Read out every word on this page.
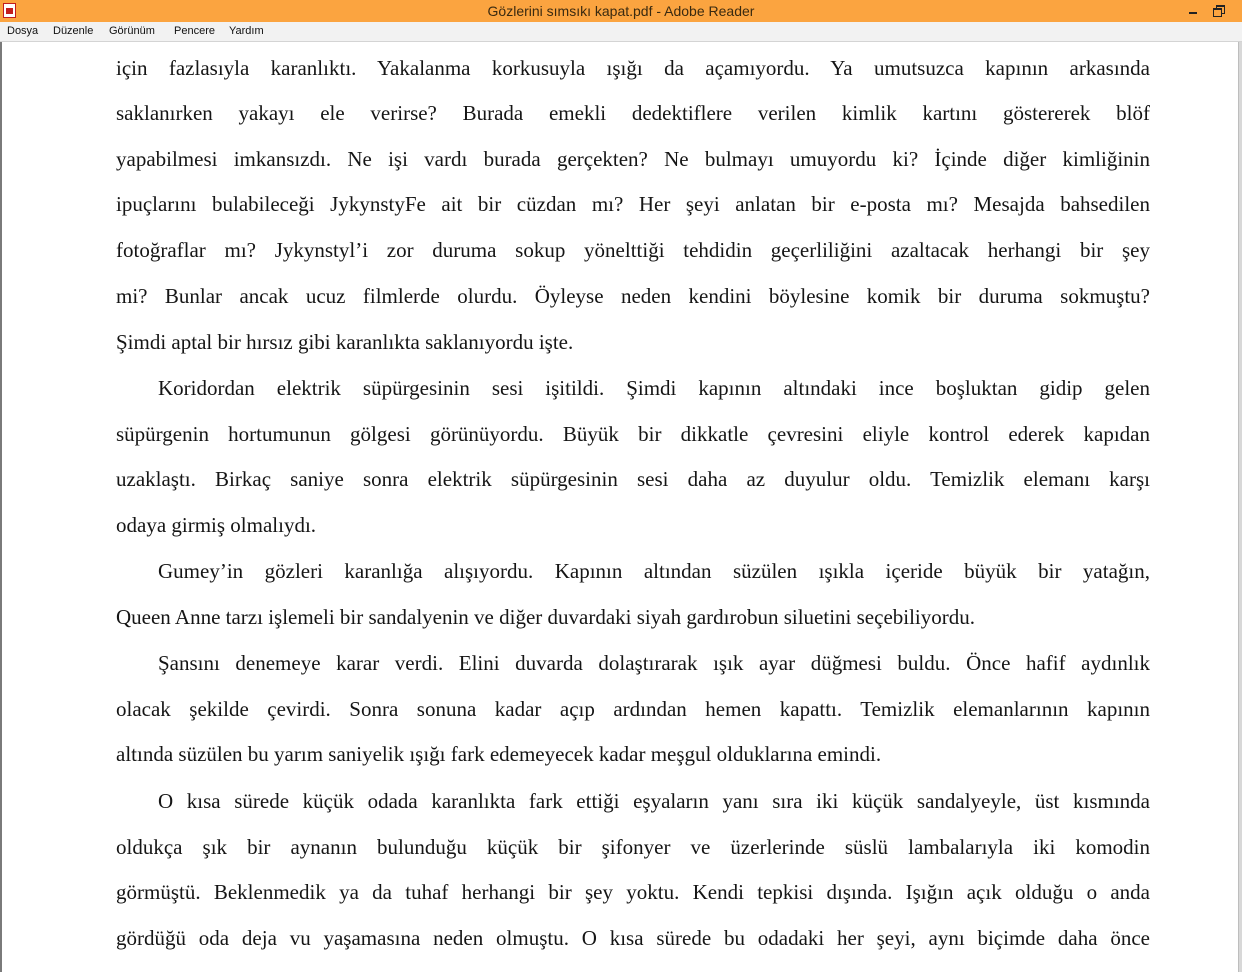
Gözlerini sımsıkı kapat.pdf - Adobe Reader
Dosya Düzenle Görünüm Pencere Yardım
için fazlasıyla karanlıktı. Yakalanma korkusuyla ışığı da açamıyordu. Ya umutsuzca kapının arkasında
saklanırken yakayı ele verirse? Burada emekli dedektiflere verilen kimlik kartını göstererek blöf
yapabilmesi imkansızdı. Ne işi vardı burada gerçekten? Ne bulmayı umuyordu ki? İçinde diğer kimliğinin
ipuçlarını bulabileceği JykynstyFe ait bir cüzdan mı? Her şeyi anlatan bir e-posta mı? Mesajda bahsedilen
fotoğraflar mı? Jykynstyl’i zor duruma sokup yönelttiği tehdidin geçerliliğini azaltacak herhangi bir şey
mi? Bunlar ancak ucuz filmlerde olurdu. Öyleyse neden kendini böylesine komik bir duruma sokmuştu?
Şimdi aptal bir hırsız gibi karanlıkta saklanıyordu işte.
Koridordan elektrik süpürgesinin sesi işitildi. Şimdi kapının altındaki ince boşluktan gidip gelen
süpürgenin hortumunun gölgesi görünüyordu. Büyük bir dikkatle çevresini eliyle kontrol ederek kapıdan
uzaklaştı. Birkaç saniye sonra elektrik süpürgesinin sesi daha az duyulur oldu. Temizlik elemanı karşı
odaya girmiş olmalıydı.
Gumey’in gözleri karanlığa alışıyordu. Kapının altından süzülen ışıkla içeride büyük bir yatağın,
Queen Anne tarzı işlemeli bir sandalyenin ve diğer duvardaki siyah gardırobun siluetini seçebiliyordu.
Şansını denemeye karar verdi. Elini duvarda dolaştırarak ışık ayar düğmesi buldu. Önce hafif aydınlık
olacak şekilde çevirdi. Sonra sonuna kadar açıp ardından hemen kapattı. Temizlik elemanlarının kapının
altında süzülen bu yarım saniyelik ışığı fark edemeyecek kadar meşgul olduklarına emindi.
O kısa sürede küçük odada karanlıkta fark ettiği eşyaların yanı sıra iki küçük sandalyeyle, üst kısmında
oldukça şık bir aynanın bulunduğu küçük bir şifonyer ve üzerlerinde süslü lambalarıyla iki komodin
görmüştü. Beklenmedik ya da tuhaf herhangi bir şey yoktu. Kendi tepkisi dışında. Işığın açık olduğu o anda
gördüğü oda deja vu yaşamasına neden olmuştu. O kısa sürede bu odadaki her şeyi, aynı biçimde daha önce
